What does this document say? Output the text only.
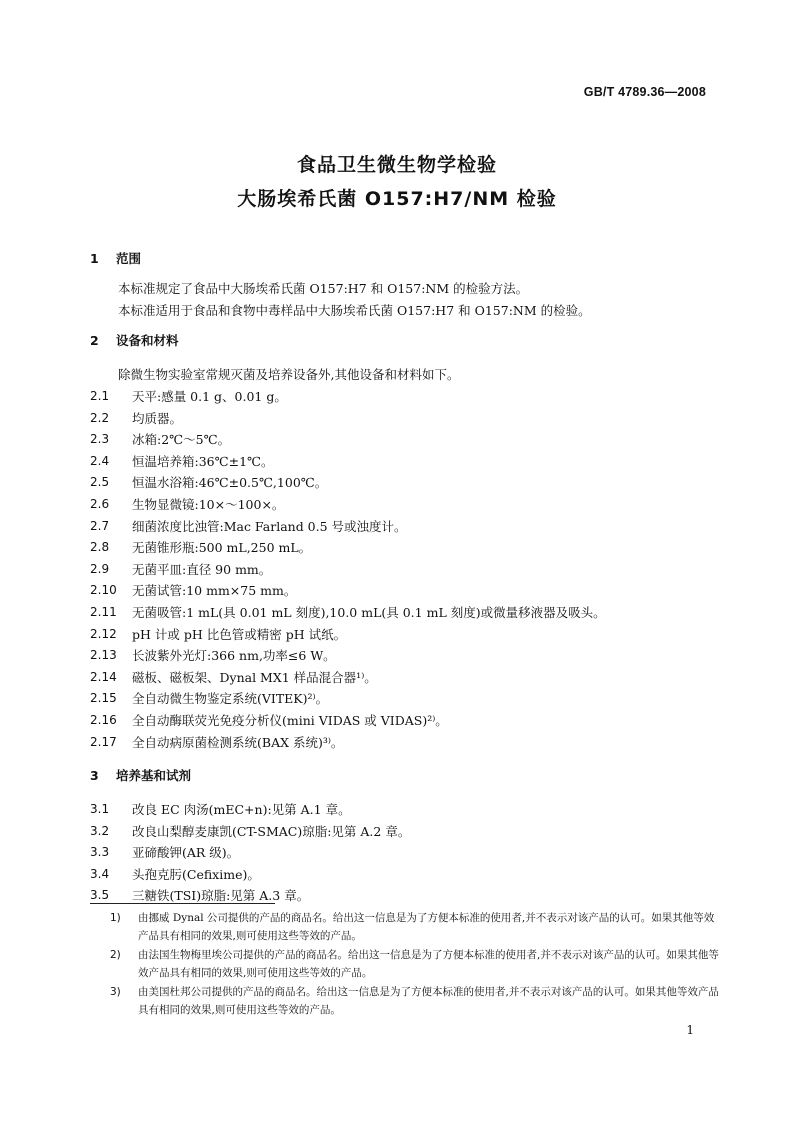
GB/T 4789.36—2008
食品卫生微生物学检验
大肠埃希氏菌 O157:H7/NM 检验
1	范围
本标准规定了食品中大肠埃希氏菌 O157:H7 和 O157:NM 的检验方法。
本标准适用于食品和食物中毒样品中大肠埃希氏菌 O157:H7 和 O157:NM 的检验。
2	设备和材料
除微生物实验室常规灭菌及培养设备外,其他设备和材料如下。
2.1	天平:感量 0.1 g、0.01 g。
2.2	均质器。
2.3	冰箱:2℃～5℃。
2.4	恒温培养箱:36℃±1℃。
2.5	恒温水浴箱:46℃±0.5℃,100℃。
2.6	生物显微镜:10×～100×。
2.7	细菌浓度比浊管:Mac Farland 0.5 号或浊度计。
2.8	无菌锥形瓶:500 mL,250 mL。
2.9	无菌平皿:直径 90 mm。
2.10	无菌试管:10 mm×75 mm。
2.11	无菌吸管:1 mL(具 0.01 mL 刻度),10.0 mL(具 0.1 mL 刻度)或微量移液器及吸头。
2.12	pH 计或 pH 比色管或精密 pH 试纸。
2.13	长波紫外光灯:366 nm,功率≤6 W。
2.14	磁板、磁板架、Dynal MX1 样品混合器¹⁾。
2.15	全自动微生物鉴定系统(VITEK)²⁾。
2.16	全自动酶联荧光免疫分析仪(mini VIDAS 或 VIDAS)²⁾。
2.17	全自动病原菌检测系统(BAX 系统)³⁾。
3	培养基和试剂
3.1	改良 EC 肉汤(mEC+n):见第 A.1 章。
3.2	改良山梨醇麦康凯(CT-SMAC)琼脂:见第 A.2 章。
3.3	亚碲酸钾(AR 级)。
3.4	头孢克肟(Cefixime)。
3.5	三糖铁(TSI)琼脂:见第 A.3 章。
1)	由挪威 Dynal 公司提供的产品的商品名。给出这一信息是为了方便本标准的使用者,并不表示对该产品的认可。如果其他等效产品具有相同的效果,则可使用这些等效的产品。
2)	由法国生物梅里埃公司提供的产品的商品名。给出这一信息是为了方便本标准的使用者,并不表示对该产品的认可。如果其他等效产品具有相同的效果,则可使用这些等效的产品。
3)	由美国杜邦公司提供的产品的商品名。给出这一信息是为了方便本标准的使用者,并不表示对该产品的认可。如果其他等效产品具有相同的效果,则可使用这些等效的产品。
1
